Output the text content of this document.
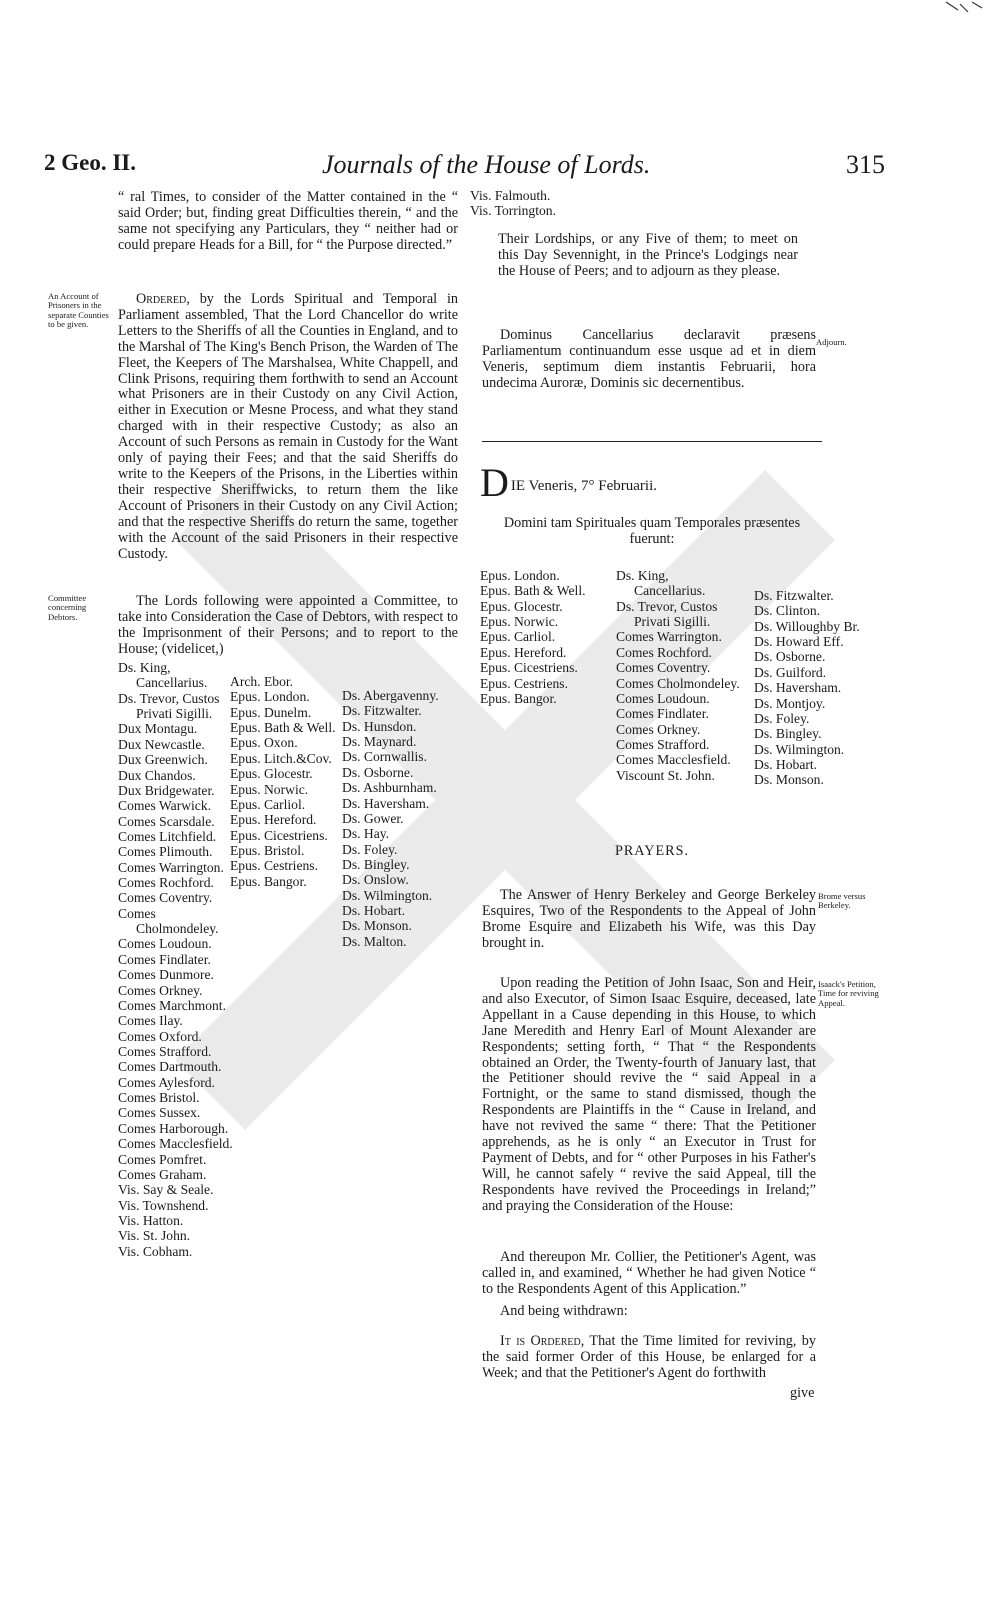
2 Geo. II.	Journals of the House of Lords.	315

“ ral Times, to consider of the Matter contained in the “ said Order; but, finding great Difficulties therein, “ and the same not specifying any Particulars, they “ neither had or could prepare Heads for a Bill, for “ the Purpose directed.”

An Account of Prisoners in the separate Counties to be given.

Ordered, by the Lords Spiritual and Temporal in Parliament assembled, That the Lord Chancellor do write Letters to the Sheriffs of all the Counties in England, and to the Marshal of The King's Bench Prison, the Warden of The Fleet, the Keepers of The Marshalsea, White Chappell, and Clink Prisons, requiring them forthwith to send an Account what Prisoners are in their Custody on any Civil Action, either in Execution or Mesne Process, and what they stand charged with in their respective Custody; as also an Account of such Persons as remain in Custody for the Want only of paying their Fees; and that the said Sheriffs do write to the Keepers of the Prisons, in the Liberties within their respective Sheriffwicks, to return them the like Account of Prisoners in their Custody on any Civil Action; and that the respective Sheriffs do return the same, together with the Account of the said Prisoners in their respective Custody.

Committee concerning Debtors.

The Lords following were appointed a Committee, to take into Consideration the Case of Debtors, with respect to the Imprisonment of their Persons; and to report to the House; (videlicet,)

Ds. King, Cancellarius.
Ds. Trevor, Custos Privati Sigilli.
Dux Montagu.
Dux Newcastle.
Dux Greenwich.
Dux Chandos.
Dux Bridgewater.
Comes Warwick.
Comes Scarsdale.
Comes Litchfield.
Comes Plimouth.
Comes Warrington.
Comes Rochford.
Comes Coventry.
Comes Cholmondeley.
Comes Loudoun.
Comes Findlater.
Comes Dunmore.
Comes Orkney.
Comes Marchmont.
Comes Ilay.
Comes Oxford.
Comes Strafford.
Comes Dartmouth.
Comes Aylesford.
Comes Bristol.
Comes Sussex.
Comes Harborough.
Comes Macclesfield.
Comes Pomfret.
Comes Graham.
Vis. Say & Seale.
Vis. Townshend.
Vis. Hatton.
Vis. St. John.
Vis. Cobham.
Arch. Ebor.
Epus. London.
Epus. Dunelm.
Epus. Bath & Well.
Epus. Oxon.
Epus. Litch.&Cov.
Epus. Glocestr.
Epus. Norwic.
Epus. Carliol.
Epus. Hereford.
Epus. Cicestriens.
Epus. Bristol.
Epus. Cestriens.
Epus. Bangor.
Ds. Abergavenny.
Ds. Fitzwalter.
Ds. Hunsdon.
Ds. Maynard.
Ds. Cornwallis.
Ds. Osborne.
Ds. Ashburnham.
Ds. Haversham.
Ds. Gower.
Ds. Hay.
Ds. Foley.
Ds. Bingley.
Ds. Onslow.
Ds. Wilmington.
Ds. Hobart.
Ds. Monson.
Ds. Malton.
Vis. Falmouth.
Vis. Torrington.

Their Lordships, or any Five of them; to meet on this Day Sevennight, in the Prince's Lodgings near the House of Peers; and to adjourn as they please.

Dominus Cancellarius declaravit præsens Parliamentum continuandum esse usque ad et in diem Veneris, septimum diem instantis Februarii, hora undecima Auroræ, Dominis sic decernentibus.

Adjourn.
D IE Veneris, 7° Februarii.
Domini tam Spirituales quam Temporales præsentes fuerunt:
Epus. London.
Epus. Bath & Well.
Epus. Glocestr.
Epus. Norwic.
Epus. Carliol.
Epus. Hereford.
Epus. Cicestriens.
Epus. Cestriens.
Epus. Bangor.
Ds. King, Cancellarius.
Ds. Trevor, Custos Privati Sigilli.
Comes Warrington.
Comes Rochford.
Comes Coventry.
Comes Cholmondeley.
Comes Loudoun.
Comes Findlater.
Comes Orkney.
Comes Strafford.
Comes Macclesfield.
Viscount St. John.
Ds. Fitzwalter.
Ds. Clinton.
Ds. Willoughby Br.
Ds. Howard Eff.
Ds. Osborne.
Ds. Guilford.
Ds. Haversham.
Ds. Montjoy.
Ds. Foley.
Ds. Bingley.
Ds. Wilmington.
Ds. Hobart.
Ds. Monson.
PRAYERS.

The Answer of Henry Berkeley and George Berkeley Esquires, Two of the Respondents to the Appeal of John Brome Esquire and Elizabeth his Wife, was this Day brought in.

Brome versus Berkeley.

Upon reading the Petition of John Isaac, Son and Heir, and also Executor, of Simon Isaac Esquire, deceased, late Appellant in a Cause depending in this House, to which Jane Meredith and Henry Earl of Mount Alexander are Respondents; setting forth, “ That “ the Respondents obtained an Order, the Twenty-fourth of January last, that the Petitioner should revive the “ said Appeal in a Fortnight, or the same to stand dismissed, though the Respondents are Plaintiffs in the “ Cause in Ireland, and have not revived the same “ there: That the Petitioner apprehends, as he is only “ an Executor in Trust for Payment of Debts, and for “ other Purposes in his Father's Will, he cannot safely “ revive the said Appeal, till the Respondents have revived the Proceedings in Ireland;” and praying the Consideration of the House:

Isaack's Petition, Time for reviving Appeal.

And thereupon Mr. Collier, the Petitioner's Agent, was called in, and examined, “ Whether he had given Notice “ to the Respondents Agent of this Application.”

And being withdrawn:

It is Ordered, That the Time limited for reviving, by the said former Order of this House, be enlarged for a Week; and that the Petitioner's Agent do forthwith

give
